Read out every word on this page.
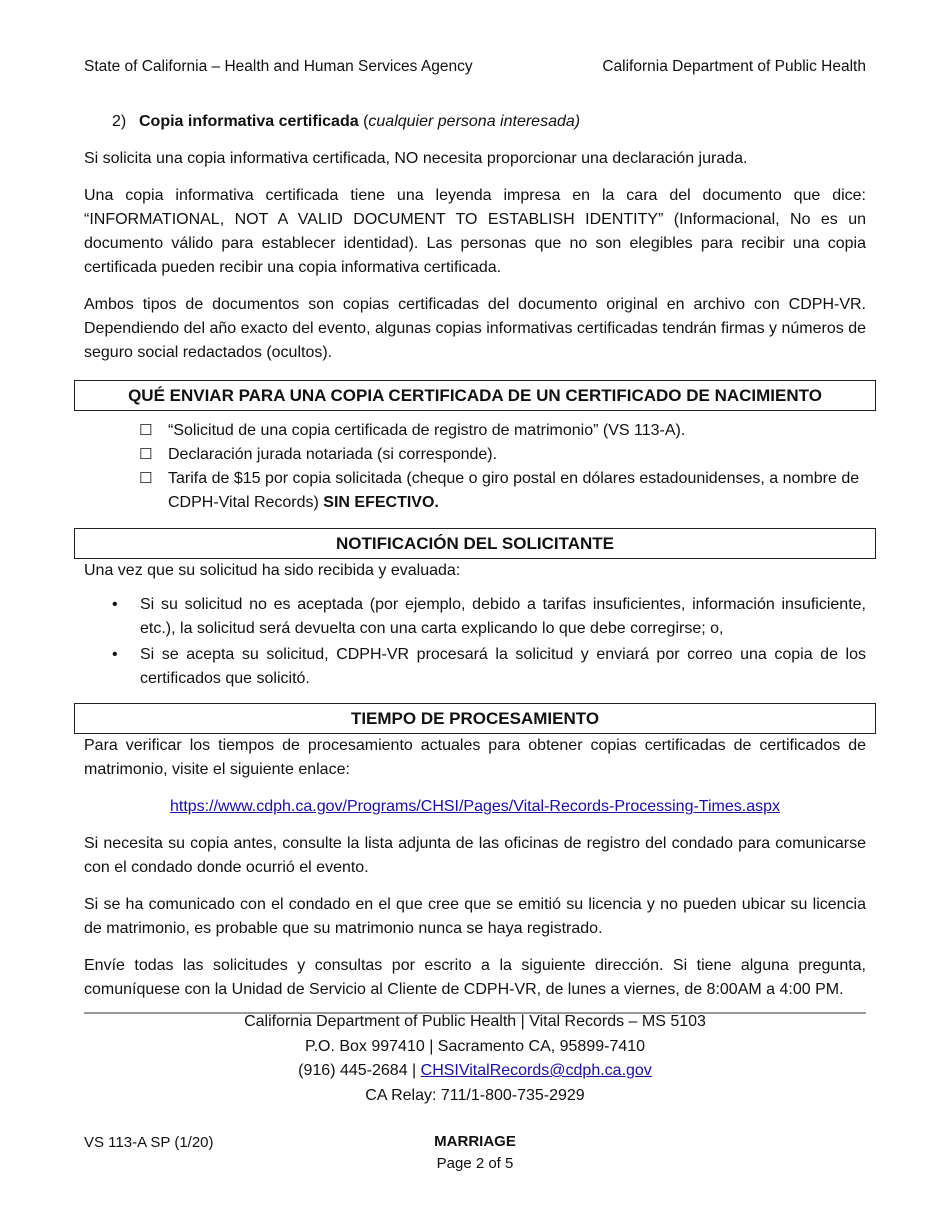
State of California – Health and Human Services Agency	California Department of Public Health
2) Copia informativa certificada (cualquier persona interesada)

Si solicita una copia informativa certificada, NO necesita proporcionar una declaración jurada.

Una copia informativa certificada tiene una leyenda impresa en la cara del documento que dice: “INFORMATIONAL, NOT A VALID DOCUMENT TO ESTABLISH IDENTITY” (Informacional, No es un documento válido para establecer identidad). Las personas que no son elegibles para recibir una copia certificada pueden recibir una copia informativa certificada.

Ambos tipos de documentos son copias certificadas del documento original en archivo con CDPH-VR. Dependiendo del año exacto del evento, algunas copias informativas certificadas tendrán firmas y números de seguro social redactados (ocultos).

QUÉ ENVIAR PARA UNA COPIA CERTIFICADA DE UN CERTIFICADO DE NACIMIENTO
☐ “Solicitud de una copia certificada de registro de matrimonio” (VS 113-A).
☐ Declaración jurada notariada (si corresponde).
☐ Tarifa de $15 por copia solicitada (cheque o giro postal en dólares estadounidenses, a nombre de CDPH-Vital Records) SIN EFECTIVO.
NOTIFICACIÓN DEL SOLICITANTE

Una vez que su solicitud ha sido recibida y evaluada:

• Si su solicitud no es aceptada (por ejemplo, debido a tarifas insuficientes, información insuficiente, etc.), la solicitud será devuelta con una carta explicando lo que debe corregirse; o,
• Si se acepta su solicitud, CDPH-VR procesará la solicitud y enviará por correo una copia de los certificados que solicitó.
TIEMPO DE PROCESAMIENTO

Para verificar los tiempos de procesamiento actuales para obtener copias certificadas de certificados de matrimonio, visite el siguiente enlace:

https://www.cdph.ca.gov/Programs/CHSI/Pages/Vital-Records-Processing-Times.aspx

Si necesita su copia antes, consulte la lista adjunta de las oficinas de registro del condado para comunicarse con el condado donde ocurrió el evento.

Si se ha comunicado con el condado en el que cree que se emitió su licencia y no pueden ubicar su licencia de matrimonio, es probable que su matrimonio nunca se haya registrado.

Envíe todas las solicitudes y consultas por escrito a la siguiente dirección. Si tiene alguna pregunta, comuníquese con la Unidad de Servicio al Cliente de CDPH-VR, de lunes a viernes, de 8:00AM a 4:00 PM.

California Department of Public Health | Vital Records – MS 5103
P.O. Box 997410 | Sacramento CA, 95899-7410
(916) 445-2684 | CHSIVitalRecords@cdph.ca.gov
CA Relay: 711/1-800-735-2929
VS 113-A SP (1/20)	MARRIAGE
Page 2 of 5
